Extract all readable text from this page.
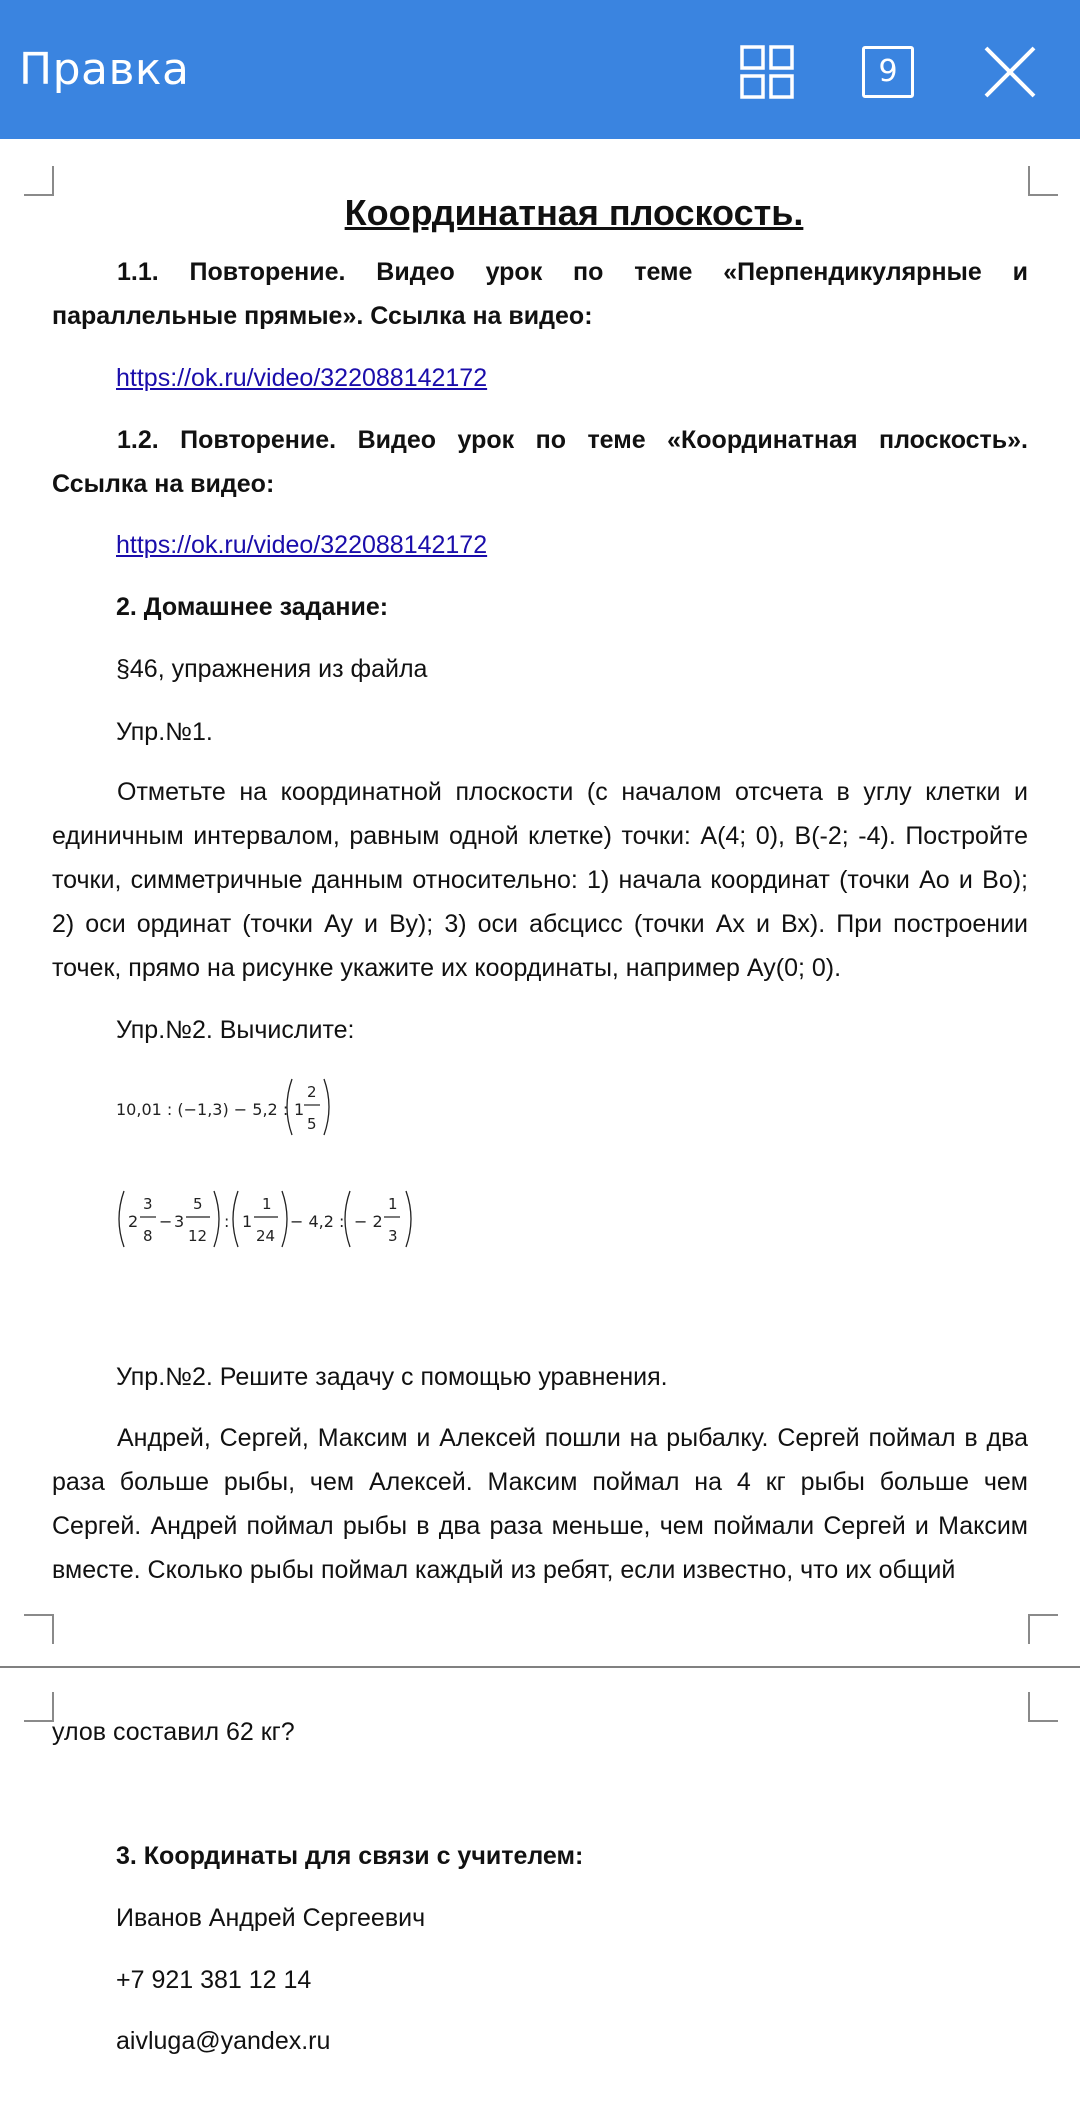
Правка	9
Координатная плоскость.
1.1. Повторение. Видео урок по теме «Перпендикулярные и параллельные прямые». Ссылка на видео:
https://ok.ru/video/322088142172
1.2. Повторение. Видео урок по теме «Координатная плоскость». Ссылка на видео:
https://ok.ru/video/322088142172
2. Домашнее задание:
§46, упражнения из файла
Упр.№1.
Отметьте на координатной плоскости (с началом отсчета в углу клетки и единичным интервалом, равным одной клетке) точки: А(4; 0), В(-2; -4). Постройте точки, симметричные данным относительно: 1) начала координат (точки Ао и Во); 2) оси ординат (точки Ау и Ву); 3) оси абсцисс (точки Ах и Вх). При построении точек, прямо на рисунке укажите их координаты, например Ау(0; 0).
Упр.№2. Вычислите:
10,01 : (−1,3) − 5,2 : 1
2
5
2
3
8
− 3
5
12
: 1
1
24
− 4,2 : − 2
1
3
Упр.№2. Решите задачу с помощью уравнения.
Андрей, Сергей, Максим и Алексей пошли на рыбалку. Сергей поймал в два раза больше рыбы, чем Алексей. Максим поймал на 4 кг рыбы больше чем Сергей. Андрей поймал рыбы в два раза меньше, чем поймали Сергей и Максим вместе. Сколько рыбы поймал каждый из ребят, если известно, что их общий
улов составил 62 кг?
3. Координаты для связи с учителем:
Иванов Андрей Сергеевич
+7 921 381 12 14
aivluga@yandex.ru
